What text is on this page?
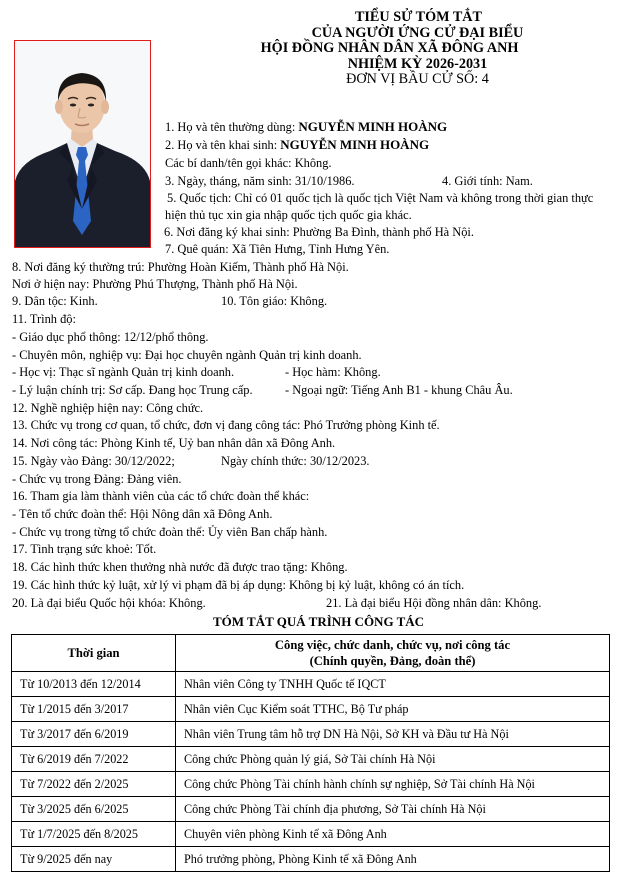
TIỂU SỬ TÓM TẮT
CỦA NGƯỜI ỨNG CỬ ĐẠI BIỂU
HỘI ĐỒNG NHÂN DÂN XÃ ĐÔNG ANH
NHIỆM KỲ 2026-2031
ĐƠN VỊ BẦU CỬ SỐ: 4
1. Họ và tên thường dùng: NGUYỄN MINH HOÀNG
2. Họ và tên khai sinh: NGUYỄN MINH HOÀNG
Các bí danh/tên gọi khác: Không.
3. Ngày, tháng, năm sinh: 31/10/1986.	4. Giới tính: Nam.
5. Quốc tịch: Chỉ có 01 quốc tịch là quốc tịch Việt Nam và không trong thời gian thực
hiện thủ tục xin gia nhập quốc tịch quốc gia khác.
6. Nơi đăng ký khai sinh: Phường Ba Đình, thành phố Hà Nội.
7. Quê quán: Xã Tiên Hưng, Tỉnh Hưng Yên.
8. Nơi đăng ký thường trú: Phường Hoàn Kiếm, Thành phố Hà Nội.
Nơi ở hiện nay: Phường Phú Thượng, Thành phố Hà Nội.
9. Dân tộc: Kinh.	10. Tôn giáo: Không.
11. Trình độ:
- Giáo dục phổ thông: 12/12/phổ thông.
- Chuyên môn, nghiệp vụ: Đại học chuyên ngành Quản trị kinh doanh.
- Học vị: Thạc sĩ ngành Quản trị kinh doanh.	- Học hàm: Không.
- Lý luận chính trị: Sơ cấp. Đang học Trung cấp.	- Ngoại ngữ: Tiếng Anh B1 - khung Châu Âu.
12. Nghề nghiệp hiện nay: Công chức.
13. Chức vụ trong cơ quan, tổ chức, đơn vị đang công tác: Phó Trưởng phòng Kinh tế.
14. Nơi công tác: Phòng Kinh tế, Uỷ ban nhân dân xã Đông Anh.
15. Ngày vào Đảng: 30/12/2022;	Ngày chính thức: 30/12/2023.
- Chức vụ trong Đảng: Đảng viên.
16. Tham gia làm thành viên của các tổ chức đoàn thể khác:
- Tên tổ chức đoàn thể: Hội Nông dân xã Đông Anh.
- Chức vụ trong từng tổ chức đoàn thể: Ủy viên Ban chấp hành.
17. Tình trạng sức khoẻ: Tốt.
18. Các hình thức khen thưởng nhà nước đã được trao tặng: Không.
19. Các hình thức kỷ luật, xử lý vi phạm đã bị áp dụng: Không bị kỷ luật, không có án tích.
20. Là đại biểu Quốc hội khóa: Không.	21. Là đại biểu Hội đồng nhân dân: Không.
TÓM TẮT QUÁ TRÌNH CÔNG TÁC
Thời gian	Công việc, chức danh, chức vụ, nơi công tác
(Chính quyền, Đảng, đoàn thể)

Từ 10/2013 đến 12/2014	Nhân viên Công ty TNHH Quốc tế IQCT
Từ 1/2015 đến 3/2017	Nhân viên Cục Kiểm soát TTHC, Bộ Tư pháp
Từ 3/2017 đến 6/2019	Nhân viên Trung tâm hỗ trợ DN Hà Nội, Sở KH và Đầu tư Hà Nội
Từ 6/2019 đến 7/2022	Công chức Phòng quản lý giá, Sở Tài chính Hà Nội
Từ 7/2022 đến 2/2025	Công chức Phòng Tài chính hành chính sự nghiệp, Sở Tài chính Hà Nội
Từ 3/2025 đến 6/2025	Công chức Phòng Tài chính địa phương, Sở Tài chính Hà Nội
Từ 1/7/2025 đến 8/2025	Chuyên viên phòng Kinh tế xã Đông Anh
Từ 9/2025 đến nay	Phó trưởng phòng, Phòng Kinh tế xã Đông Anh
